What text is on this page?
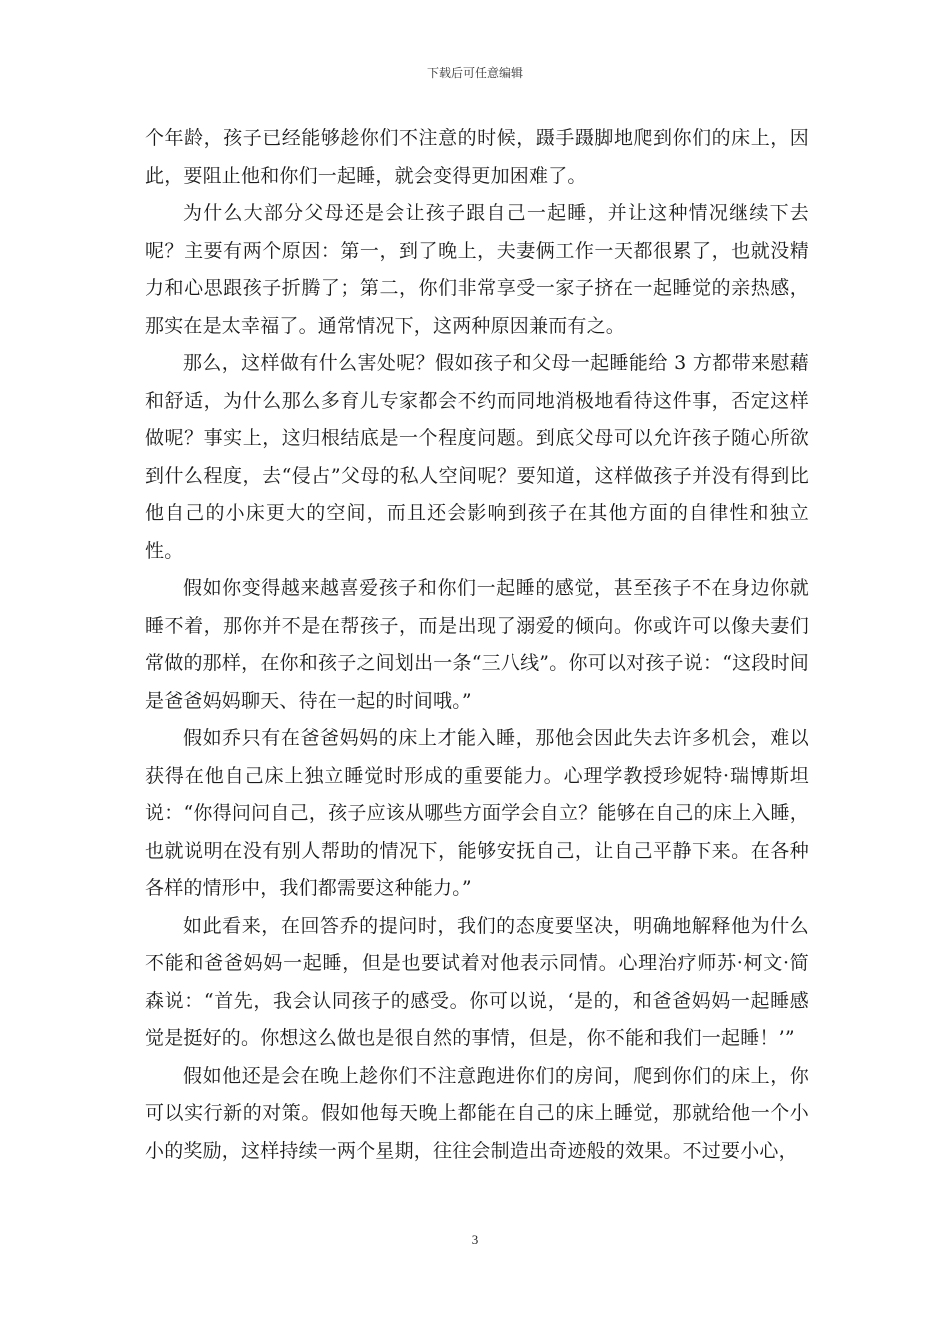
下载后可任意编辑

个年龄，孩子已经能够趁你们不注意的时候，蹑手蹑脚地爬到你们的床上，因此，要阻止他和你们一起睡，就会变得更加困难了。

为什么大部分父母还是会让孩子跟自己一起睡，并让这种情况继续下去呢？主要有两个原因：第一，到了晚上，夫妻俩工作一天都很累了，也就没精力和心思跟孩子折腾了；第二，你们非常享受一家子挤在一起睡觉的亲热感，那实在是太幸福了。通常情况下，这两种原因兼而有之。

那么，这样做有什么害处呢？假如孩子和父母一起睡能给 3 方都带来慰藉和舒适，为什么那么多育儿专家都会不约而同地消极地看待这件事，否定这样做呢？事实上，这归根结底是一个程度问题。到底父母可以允许孩子随心所欲到什么程度，去“侵占”父母的私人空间呢？要知道，这样做孩子并没有得到比他自己的小床更大的空间，而且还会影响到孩子在其他方面的自律性和独立性。

假如你变得越来越喜爱孩子和你们一起睡的感觉，甚至孩子不在身边你就睡不着，那你并不是在帮孩子，而是出现了溺爱的倾向。你或许可以像夫妻们常做的那样，在你和孩子之间划出一条“三八线”。你可以对孩子说：“这段时间是爸爸妈妈聊天、待在一起的时间哦。”

假如乔只有在爸爸妈妈的床上才能入睡，那他会因此失去许多机会，难以获得在他自己床上独立睡觉时形成的重要能力。心理学教授珍妮特·瑞博斯坦说：“你得问问自己，孩子应该从哪些方面学会自立？能够在自己的床上入睡，也就说明在没有别人帮助的情况下，能够安抚自己，让自己平静下来。在各种各样的情形中，我们都需要这种能力。”

如此看来，在回答乔的提问时，我们的态度要坚决，明确地解释他为什么不能和爸爸妈妈一起睡，但是也要试着对他表示同情。心理治疗师苏·柯文·简森说：“首先，我会认同孩子的感受。你可以说，‘是的，和爸爸妈妈一起睡感觉是挺好的。你想这么做也是很自然的事情，但是，你不能和我们一起睡！’”

假如他还是会在晚上趁你们不注意跑进你们的房间，爬到你们的床上，你可以实行新的对策。假如他每天晚上都能在自己的床上睡觉，那就给他一个小小的奖励，这样持续一两个星期，往往会制造出奇迹般的效果。不过要小心，

3
